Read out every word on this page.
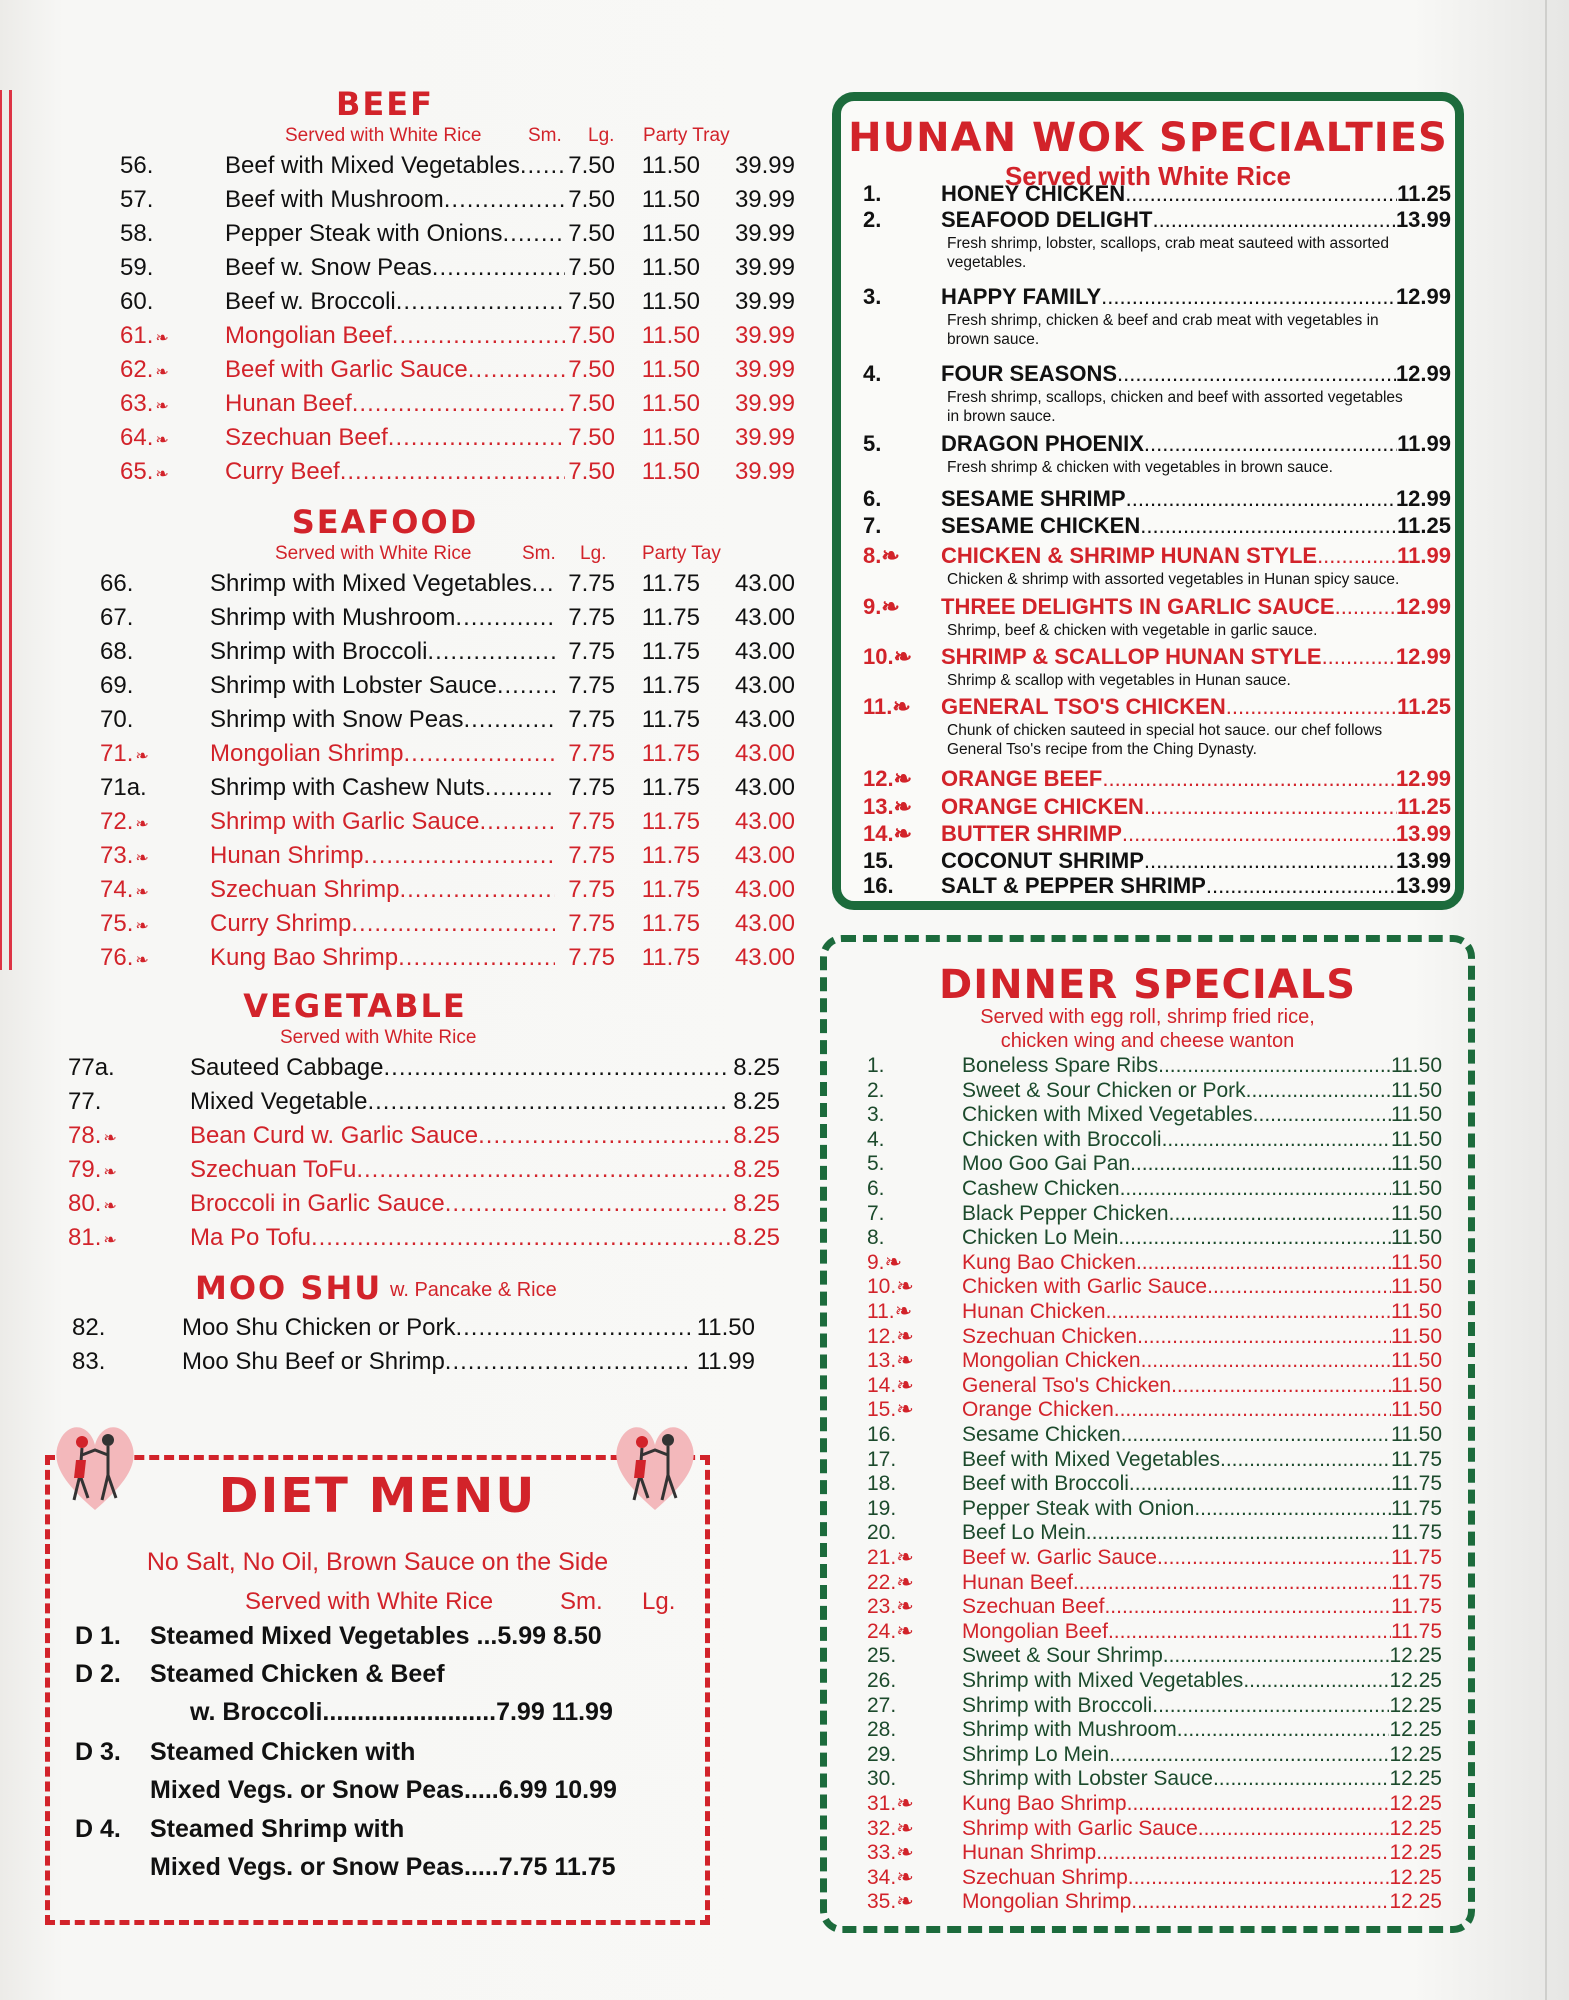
BEEF
Served with White Rice Sm. Lg. Party Tray
56.	Beef with Mixed Vegetables .....	7.50	11.50	39.99
57.	Beef with Mushroom .....	7.50	11.50	39.99
58.	Pepper Steak with Onions .....	7.50	11.50	39.99
59.	Beef w. Snow Peas .....	7.50	11.50	39.99
60.	Beef w. Broccoli .....	7.50	11.50	39.99
61. ❧	Mongolian Beef .....	7.50	11.50	39.99
62. ❧	Beef with Garlic Sauce .....	7.50	11.50	39.99
63. ❧	Hunan Beef .....	7.50	11.50	39.99
64. ❧	Szechuan Beef .....	7.50	11.50	39.99
65. ❧	Curry Beef .....	7.50	11.50	39.99
SEAFOOD
Served with White Rice	Sm. Lg. Party Tay
66.	Shrimp with Mixed Vegetables .....	7.75	11.75	43.00
67.	Shrimp with Mushroom .....	7.75	11.75	43.00
68.	Shrimp with Broccoli .....	7.75	11.75	43.00
69.	Shrimp with Lobster Sauce .....	7.75	11.75	43.00
70.	Shrimp with Snow Peas .....	7.75	11.75	43.00
71. ❧	Mongolian Shrimp .....	7.75	11.75	43.00
71a.	Shrimp with Cashew Nuts .....	7.75	11.75	43.00
72. ❧	Shrimp with Garlic Sauce .....	7.75	11.75	43.00
73. ❧	Hunan Shrimp .....	7.75	11.75	43.00
74. ❧	Szechuan Shrimp .....	7.75	11.75	43.00
75. ❧	Curry Shrimp .....	7.75	11.75	43.00
76. ❧	Kung Bao Shrimp .....	7.75	11.75	43.00
VEGETABLE
Served with White Rice
77a.	Sauteed Cabbage .....	8.25
77.	Mixed Vegetable .....	8.25
78. ❧	Bean Curd w. Garlic Sauce .....	8.25
79. ❧	Szechuan ToFu .....	8.25
80. ❧	Broccoli in Garlic Sauce .....	8.25
81. ❧	Ma Po Tofu .....	8.25
MOO SHU w. Pancake & Rice
82.	Moo Shu Chicken or Pork .....	11.50
83.	Moo Shu Beef or Shrimp .....	11.99
DIET MENU
No Salt, No Oil, Brown Sauce on the Side
Served with White Rice	Sm. Lg.
D 1. Steamed Mixed Vegetables ...5.99 8.50
D 2. Steamed Chicken & Beef
w. Broccoli.........................7.99 11.99
D 3. Steamed Chicken with
Mixed Vegs. or Snow Peas.....6.99 10.99
D 4. Steamed Shrimp with
Mixed Vegs. or Snow Peas.....7.75 11.75
HUNAN WOK SPECIALTIES
Served with White Rice
1.	HONEY CHICKEN .....	11.25
2.	SEAFOOD DELIGHT .....	13.99
Fresh shrimp, lobster, scallops, crab meat sauteed with assorted vegetables.
3.	HAPPY FAMILY .....	12.99
Fresh shrimp, chicken & beef and crab meat with vegetables in brown sauce.
4.	FOUR SEASONS .....	12.99
Fresh shrimp, scallops, chicken and beef with assorted vegetables in brown sauce.
5.	DRAGON PHOENIX .....	11.99
Fresh shrimp & chicken with vegetables in brown sauce.
6.	SESAME SHRIMP .....	12.99
7.	SESAME CHICKEN .....	11.25
8.❧ CHICKEN & SHRIMP HUNAN STYLE .....	11.99
Chicken & shrimp with assorted vegetables in Hunan spicy sauce.
9.❧ THREE DELIGHTS IN GARLIC SAUCE .....	12.99
Shrimp, beef & chicken with vegetable in garlic sauce.
10.❧ SHRIMP & SCALLOP HUNAN STYLE .....	12.99
Shrimp & scallop with vegetables in Hunan sauce.
11.❧ GENERAL TSO'S CHICKEN .....	11.25
Chunk of chicken sauteed in special hot sauce. our chef follows General Tso's recipe from the Ching Dynasty.
12.❧ ORANGE BEEF .....	12.99
13.❧ ORANGE CHICKEN .....	11.25
14.❧ BUTTER SHRIMP .....	13.99
15. COCONUT SHRIMP .....	13.99
16. SALT & PEPPER SHRIMP .....	13.99
DINNER SPECIALS
Served with egg roll, shrimp fried rice,
chicken wing and cheese wanton
1.	Boneless Spare Ribs .....	11.50
2.	Sweet & Sour Chicken or Pork .....	11.50
3.	Chicken with Mixed Vegetables .....	11.50
4.	Chicken with Broccoli .....	11.50
5.	Moo Goo Gai Pan .....	11.50
6.	Cashew Chicken .....	11.50
7.	Black Pepper Chicken .....	11.50
8.	Chicken Lo Mein .....	11.50
9.❧	Kung Bao Chicken .....	11.50
10.❧	Chicken with Garlic Sauce .....	11.50
11.❧	Hunan Chicken .....	11.50
12.❧	Szechuan Chicken .....	11.50
13.❧	Mongolian Chicken .....	11.50
14.❧	General Tso's Chicken .....	11.50
15.❧	Orange Chicken .....	11.50
16.	Sesame Chicken .....	11.50
17.	Beef with Mixed Vegetables .....	11.75
18.	Beef with Broccoli .....	11.75
19.	Pepper Steak with Onion .....	11.75
20.	Beef Lo Mein .....	11.75
21.❧	Beef w. Garlic Sauce .....	11.75
22.❧	Hunan Beef .....	11.75
23.❧	Szechuan Beef .....	11.75
24.❧	Mongolian Beef .....	11.75
25.	Sweet & Sour Shrimp .....	12.25
26.	Shrimp with Mixed Vegetables .....	12.25
27.	Shrimp with Broccoli .....	12.25
28.	Shrimp with Mushroom .....	12.25
29.	Shrimp Lo Mein .....	12.25
30.	Shrimp with Lobster Sauce .....	12.25
31.❧	Kung Bao Shrimp .....	12.25
32.❧	Shrimp with Garlic Sauce .....	12.25
33.❧	Hunan Shrimp .....	12.25
34.❧	Szechuan Shrimp .....	12.25
35.❧	Mongolian Shrimp .....	12.25
